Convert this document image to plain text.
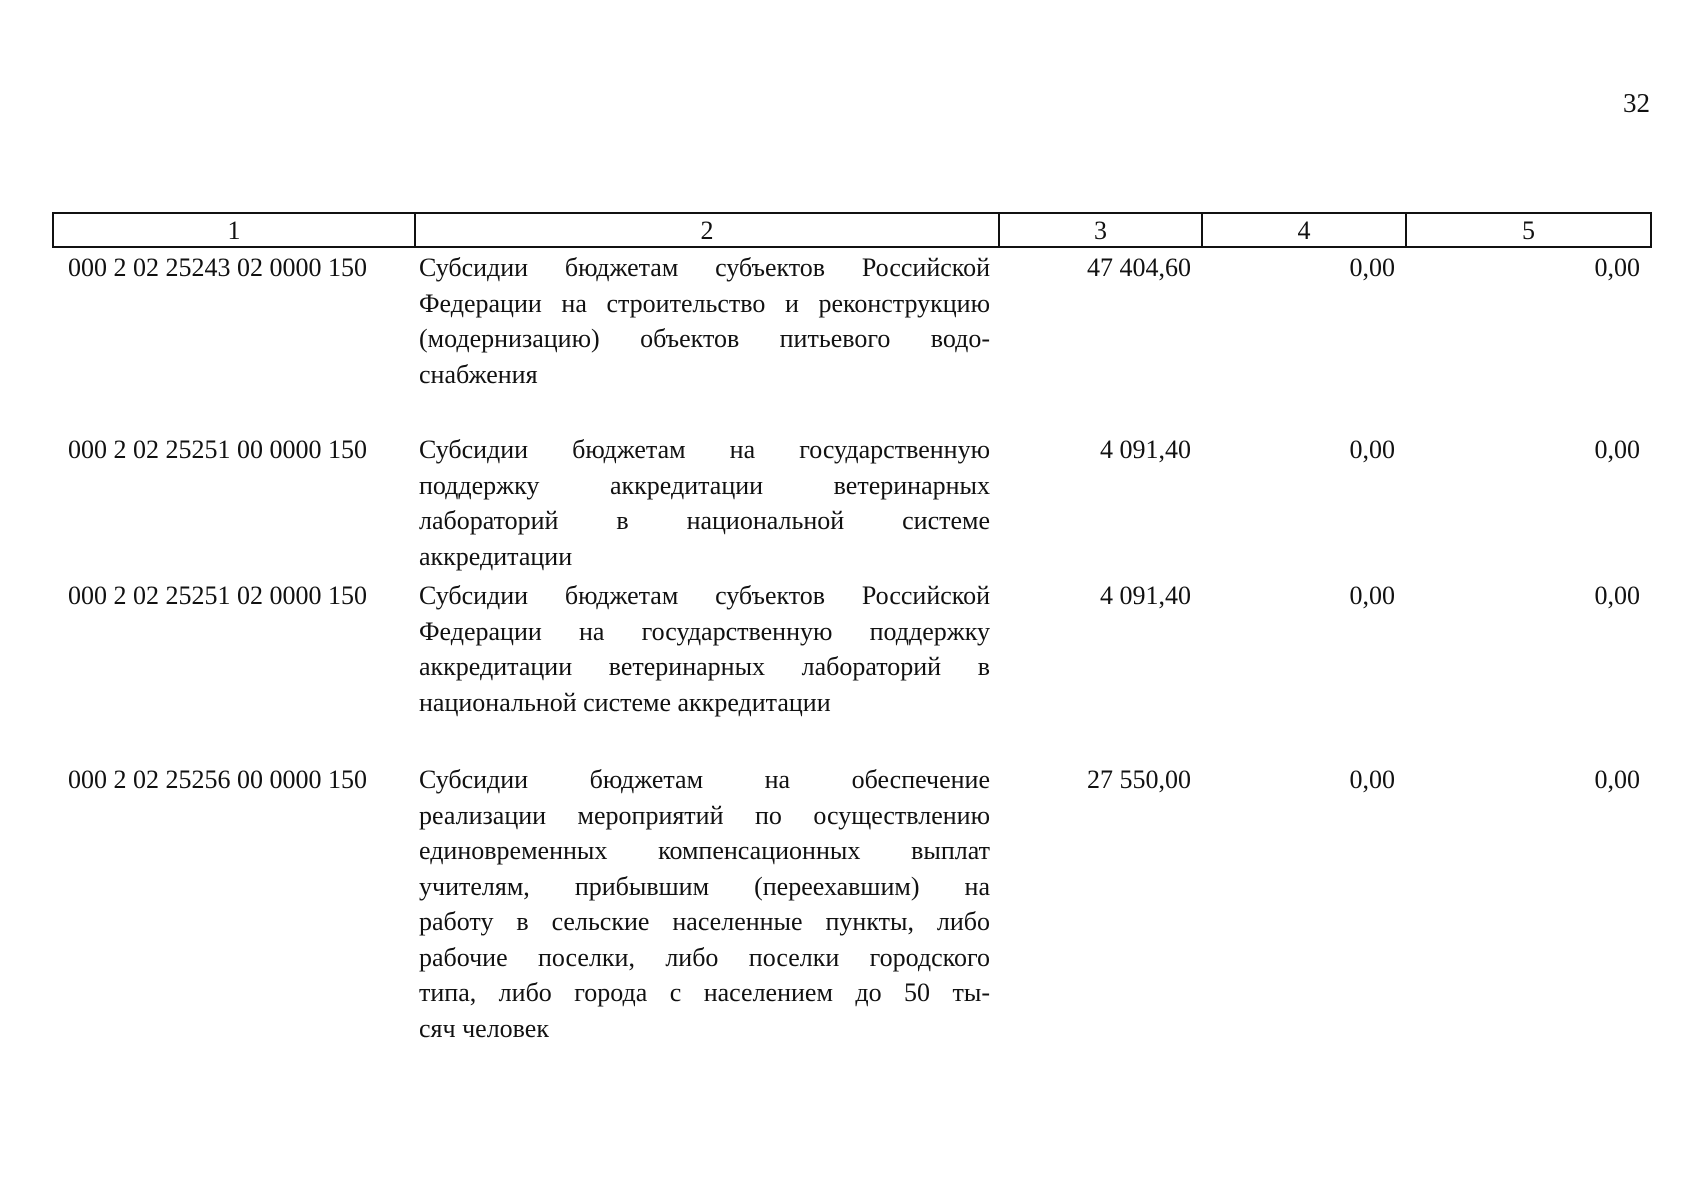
32
1	2	3	4	5
000 2 02 25243 02 0000 150	Субсидии бюджетам субъектов Российской
Федерации на строительство и реконструкцию
(модернизацию) объектов питьевого водо-
снабжения
47 404,60	0,00	0,00
000 2 02 25251 00 0000 150	Субсидии бюджетам на государственную
поддержку аккредитации ветеринарных
лабораторий в национальной системе
аккредитации
4 091,40	0,00	0,00
000 2 02 25251 02 0000 150	Субсидии бюджетам субъектов Российской
Федерации на государственную поддержку
аккредитации ветеринарных лабораторий в
национальной системе аккредитации
4 091,40	0,00	0,00
000 2 02 25256 00 0000 150	Субсидии бюджетам на обеспечение
реализации мероприятий по осуществлению
единовременных компенсационных выплат
учителям, прибывшим (переехавшим) на
работу в сельские населенные пункты, либо
рабочие поселки, либо поселки городского
типа, либо города с населением до 50 ты-
сяч человек
27 550,00	0,00	0,00
